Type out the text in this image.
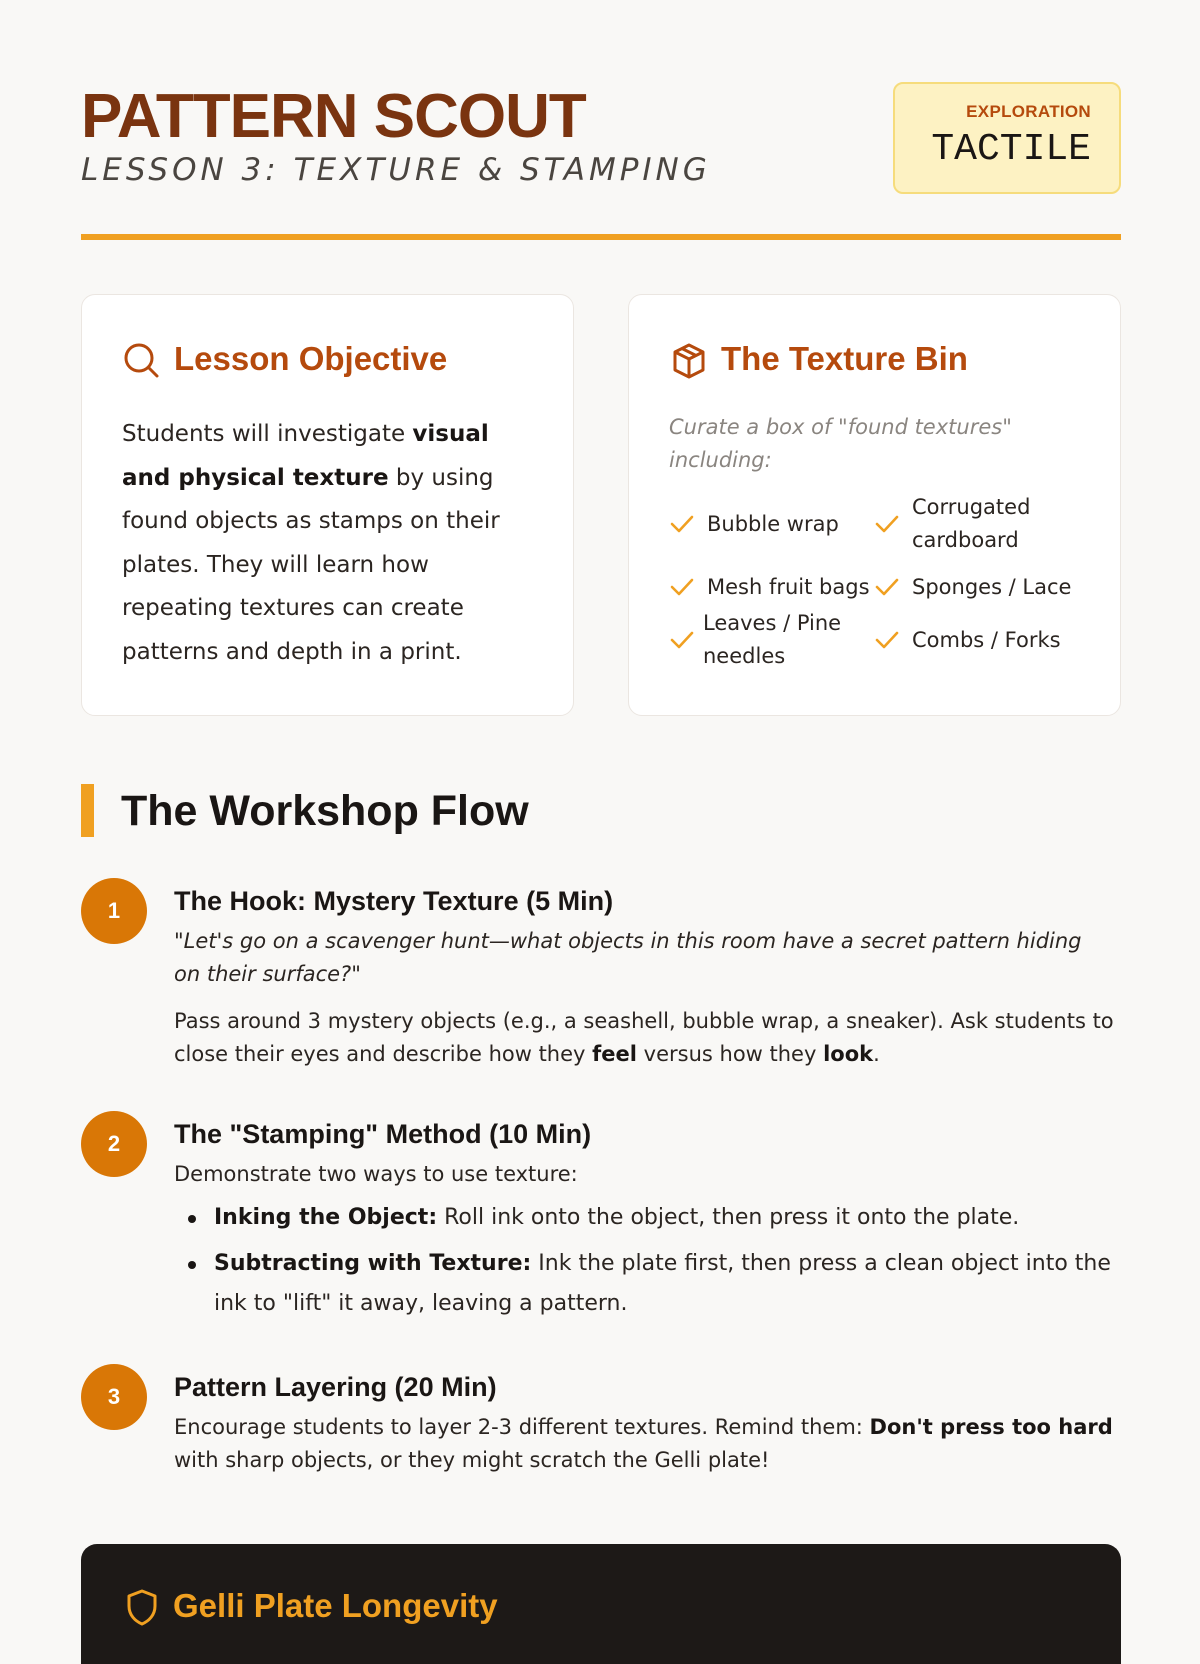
PATTERN SCOUT
LESSON 3: TEXTURE & STAMPING
EXPLORATION
TACTILE
Lesson Objective
Students will investigate visual and physical texture by using found objects as stamps on their plates. They will learn how repeating textures can create patterns and depth in a print.
The Texture Bin
Curate a box of "found textures" including:
Bubble wrap
Corrugated cardboard
Mesh fruit bags Sponges / Lace
Leaves / Pine needles
Combs / Forks
The Workshop Flow
1	The Hook: Mystery Texture (5 Min)
"Let's go on a scavenger hunt—what objects in this room have a secret pattern hiding on their surface?"
Pass around 3 mystery objects (e.g., a seashell, bubble wrap, a sneaker). Ask students to close their eyes and describe how they feel versus how they look.
2	The "Stamping" Method (10 Min)
Demonstrate two ways to use texture:
Inking the Object: Roll ink onto the object, then press it onto the plate.
Subtracting with Texture: Ink the plate first, then press a clean object into the ink to "lift" it away, leaving a pattern.
3	Pattern Layering (20 Min)
Encourage students to layer 2-3 different textures. Remind them: Don't press too hard with sharp objects, or they might scratch the Gelli plate!
Gelli Plate Longevity
